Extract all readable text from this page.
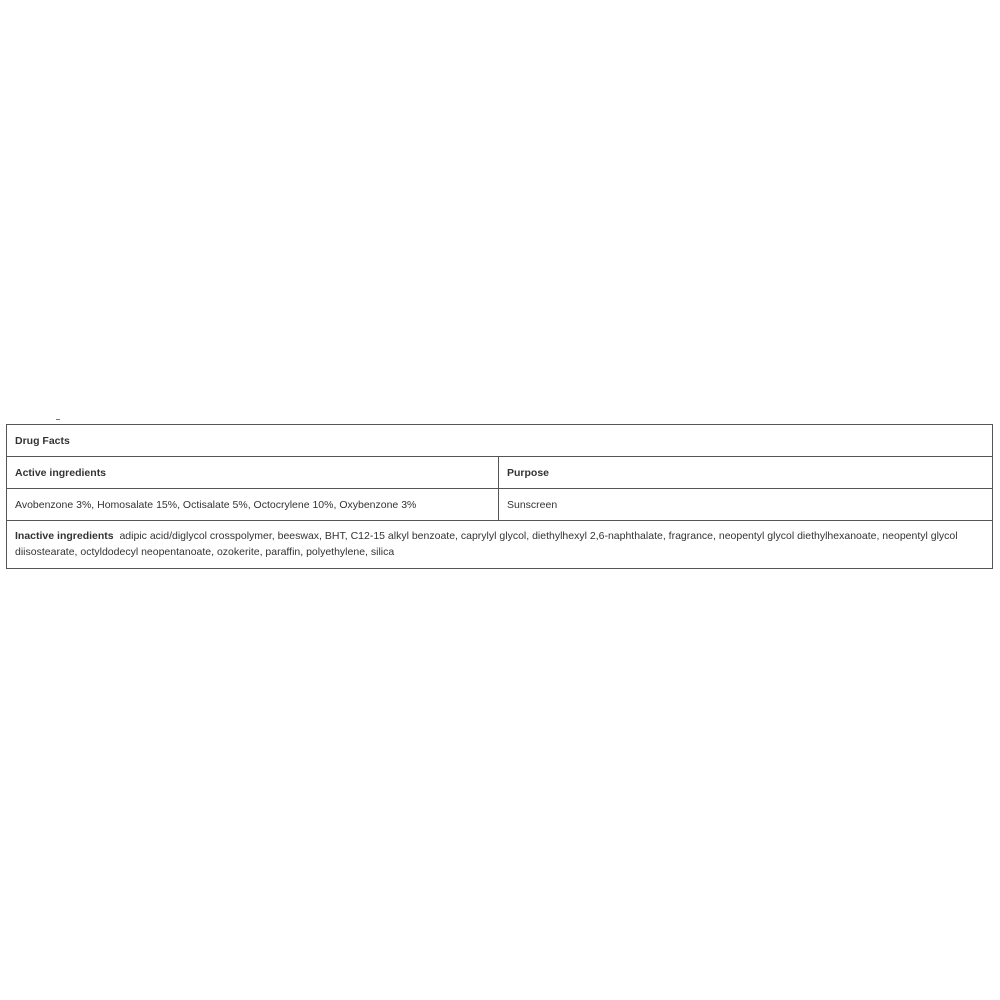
Drug Facts	
Active ingredients	Purpose
Avobenzone 3%, Homosalate 15%, Octisalate 5%, Octocrylene 10%, Oxybenzone 3%	Sunscreen
Inactive ingredients adipic acid/diglycol crosspolymer, beeswax, BHT, C12-15 alkyl benzoate, caprylyl glycol, diethylhexyl 2,6-naphthalate, fragrance, neopentyl glycol diethylhexanoate, neopentyl glycol diisostearate, octyldodecyl neopentanoate, ozokerite, paraffin, polyethylene, silica	
